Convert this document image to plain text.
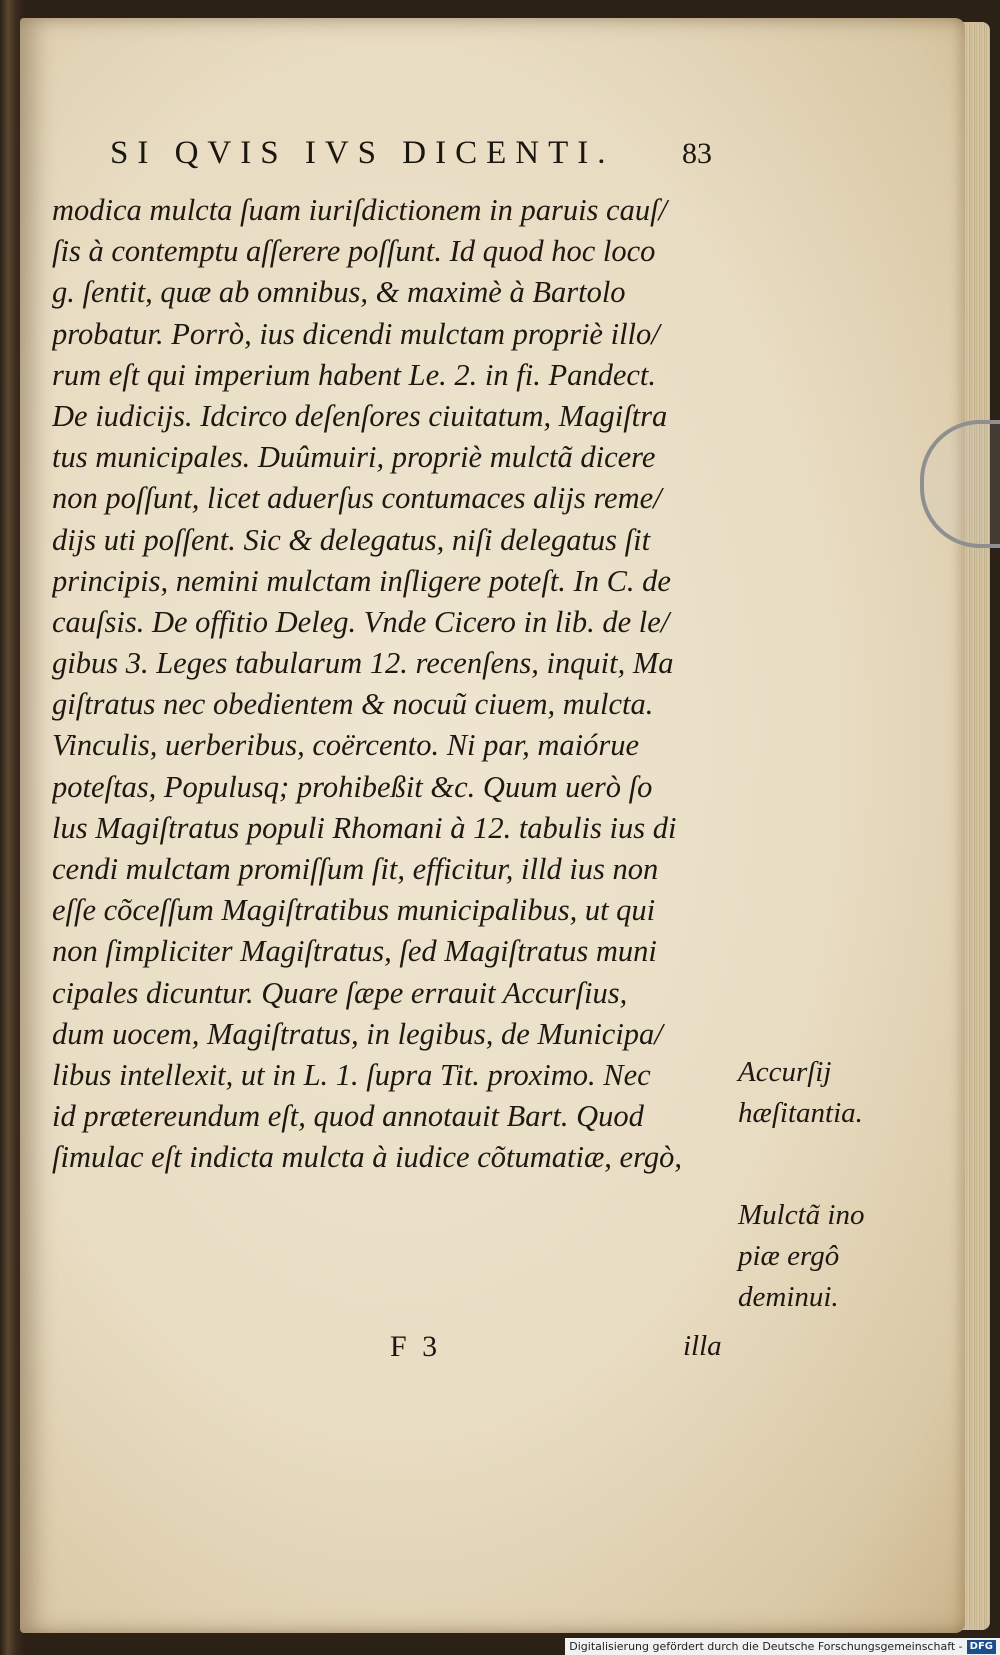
SI QVIS IVS DICENTI.	83
modica mulcta ſuam iuriſdictionem in paruis cauſ/
ſis à contemptu aſſerere poſſunt. Id quod hoc loco
g. ſentit, quæ ab omnibus, & maximè à Bartolo
probatur. Porrò, ius dicendi mulctam propriè illo/
rum eſt qui imperium habent Le. 2. in fi. Pandect.
De iudicijs. Idcirco deſenſores ciuitatum, Magiſtra
tus municipales. Duûmuiri, propriè mulctã dicere
non poſſunt, licet aduerſus contumaces alijs reme/
dijs uti poſſent. Sic & delegatus, niſi delegatus ſit
principis, nemini mulctam inſligere poteſt. In C. de
cauſsis. De offitio Deleg. Vnde Cicero in lib. de le/
gibus 3. Leges tabularum 12. recenſens, inquit, Ma
giſtratus nec obedientem & nocuũ ciuem, mulcta.
Vinculis, uerberibus, coërcento. Ni par, maióruе
poteſtas, Populusq; prohibeßit &c. Quum uerò ſo
lus Magiſtratus populi Rhomani à 12. tabulis ius di
cendi mulctam promiſſum ſit, efficitur, illd ius non
eſſe cõceſſum Magiſtratibus municipalibus, ut qui
non ſimpliciter Magiſtratus, ſed Magiſtratus muni
cipales dicuntur. Quare ſæpe errauit Accurſius,
dum uocem, Magiſtratus, in legibus, de Municipa/
libus intellexit, ut in L. 1. ſupra Tit. proximo. Nec
id prætereundum eſt, quod annotauit Bart. Quod
ſimulac eſt indicta mulcta à iudice cõtumatiæ, ergò,
Accurſij
hæſitantia.
Mulctã ino
piæ ergô
deminui.
F 3	illa
Digitalisierung gefördert durch die Deutsche Forschungsgemeinschaft - DFG
